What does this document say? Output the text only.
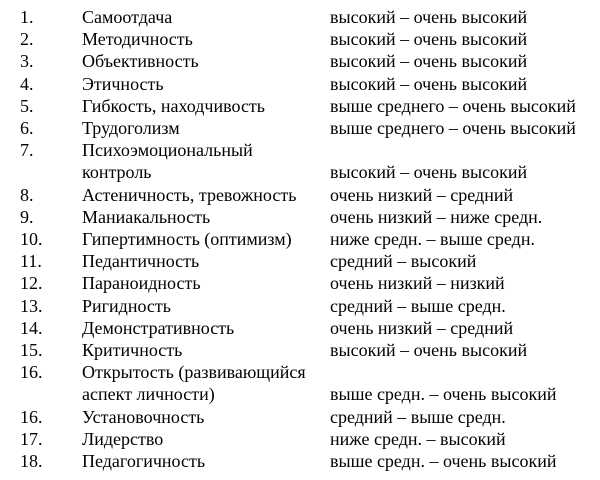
1.	Самоотдача	высокий – очень высокий
2.	Методичность	высокий – очень высокий
3.	Объективность	высокий – очень высокий
4.	Этичность	высокий – очень высокий
5.	Гибкость, находчивость	выше среднего – очень высокий
6.	Трудоголизм	выше среднего – очень высокий
7.	Психоэмоциональный
контроль	высокий – очень высокий
8.	Астеничность, тревожность	очень низкий – средний
9.	Маниакальность	очень низкий – ниже средн.
10.	Гипертимность (оптимизм)	ниже средн. – выше средн.
11.	Педантичность	средний – высокий
12.	Параноидность	очень низкий – низкий
13.	Ригидность	средний – выше средн.
14.	Демонстративность	очень низкий – средний
15.	Критичность	высокий – очень высокий
16.	Открытость (развивающийся
аспект личности)	выше средн. – очень высокий
16.	Установочность	средний – выше средн.
17.	Лидерство	ниже средн. – высокий
18.	Педагогичность	выше средн. – очень высокий
